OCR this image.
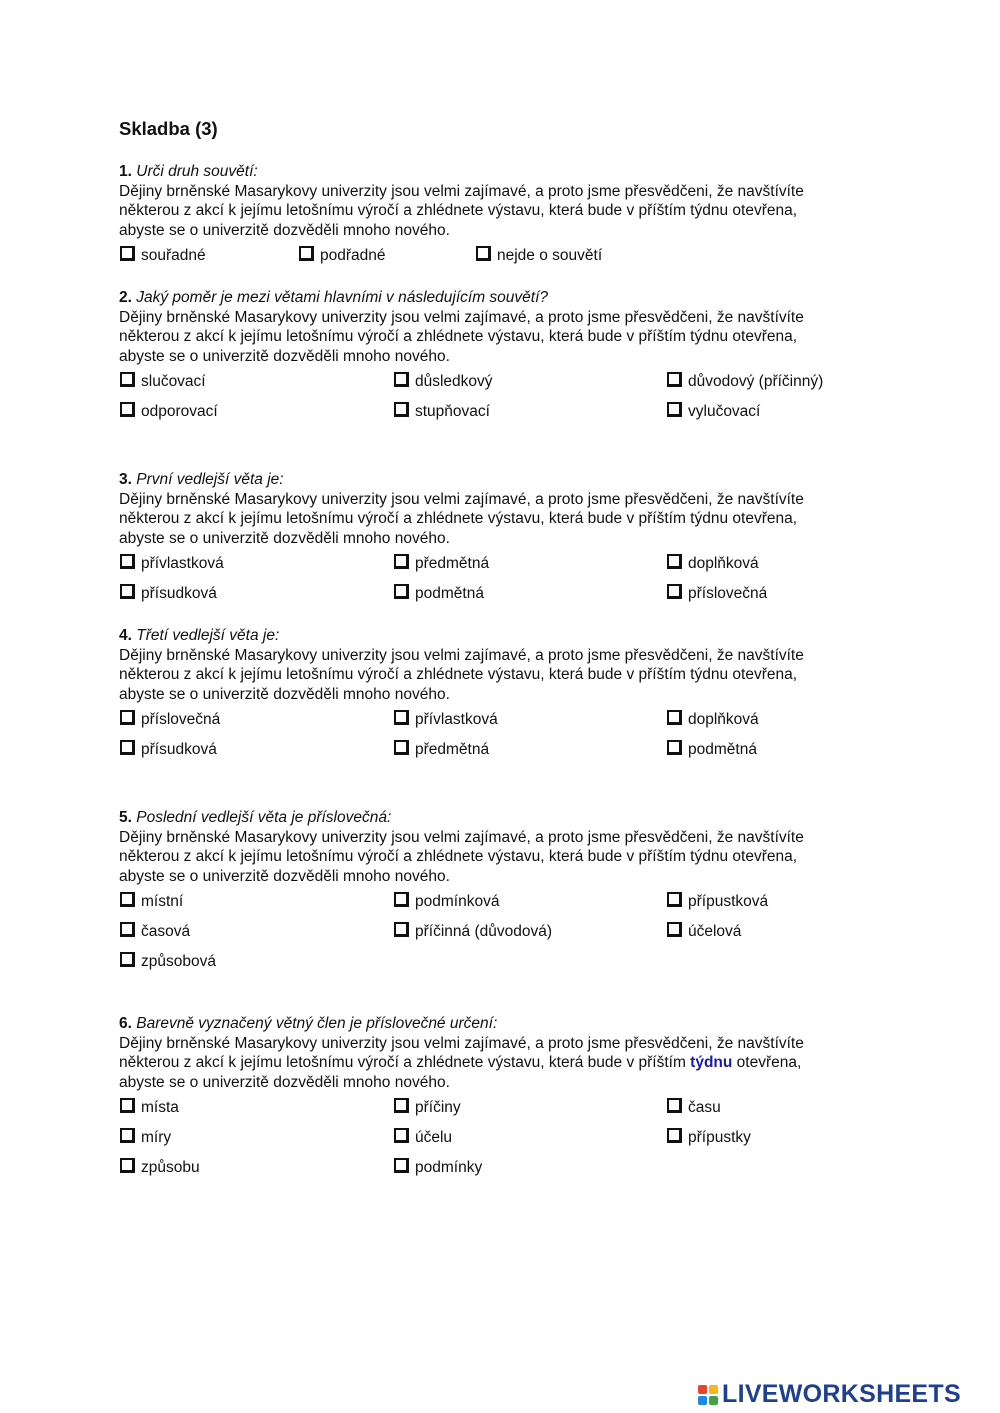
Skladba (3)

1. Urči druh souvětí:

Dějiny brněnské Masarykovy univerzity jsou velmi zajímavé, a proto jsme přesvědčeni, že navštívíte

některou z akcí k jejímu letošnímu výročí a zhlédnete výstavu, která bude v příštím týdnu otevřena,

abyste se o univerzitě dozvěděli mnoho nového.

souřadné	podřadné	nejde o souvětí

2. Jaký poměr je mezi větami hlavními v následujícím souvětí?

Dějiny brněnské Masarykovy univerzity jsou velmi zajímavé, a proto jsme přesvědčeni, že navštívíte

některou z akcí k jejímu letošnímu výročí a zhlédnete výstavu, která bude v příštím týdnu otevřena,

abyste se o univerzitě dozvěděli mnoho nového.

slučovací	důsledkový	důvodový (příčinný)
odporovací	stupňovací	vylučovací

3. První vedlejší věta je:

Dějiny brněnské Masarykovy univerzity jsou velmi zajímavé, a proto jsme přesvědčeni, že navštívíte

některou z akcí k jejímu letošnímu výročí a zhlédnete výstavu, která bude v příštím týdnu otevřena,

abyste se o univerzitě dozvěděli mnoho nového.

přívlastková	předmětná	doplňková
přísudková	podmětná	příslovečná

4. Třetí vedlejší věta je:

Dějiny brněnské Masarykovy univerzity jsou velmi zajímavé, a proto jsme přesvědčeni, že navštívíte

některou z akcí k jejímu letošnímu výročí a zhlédnete výstavu, která bude v příštím týdnu otevřena,

abyste se o univerzitě dozvěděli mnoho nového.

příslovečná	přívlastková	doplňková
přísudková	předmětná	podmětná

5. Poslední vedlejší věta je příslovečná:

Dějiny brněnské Masarykovy univerzity jsou velmi zajímavé, a proto jsme přesvědčeni, že navštívíte

některou z akcí k jejímu letošnímu výročí a zhlédnete výstavu, která bude v příštím týdnu otevřena,

abyste se o univerzitě dozvěděli mnoho nového.

místní	podmínková	přípustková
časová	příčinná (důvodová)	účelová
způsobová

6. Barevně vyznačený větný člen je příslovečné určení:

Dějiny brněnské Masarykovy univerzity jsou velmi zajímavé, a proto jsme přesvědčeni, že navštívíte

některou z akcí k jejímu letošnímu výročí a zhlédnete výstavu, která bude v příštím týdnu otevřena,

abyste se o univerzitě dozvěděli mnoho nového.

místa	příčiny	času
míry	účelu	přípustky
způsobu	podmínky
LIVEWORKSHEETS
